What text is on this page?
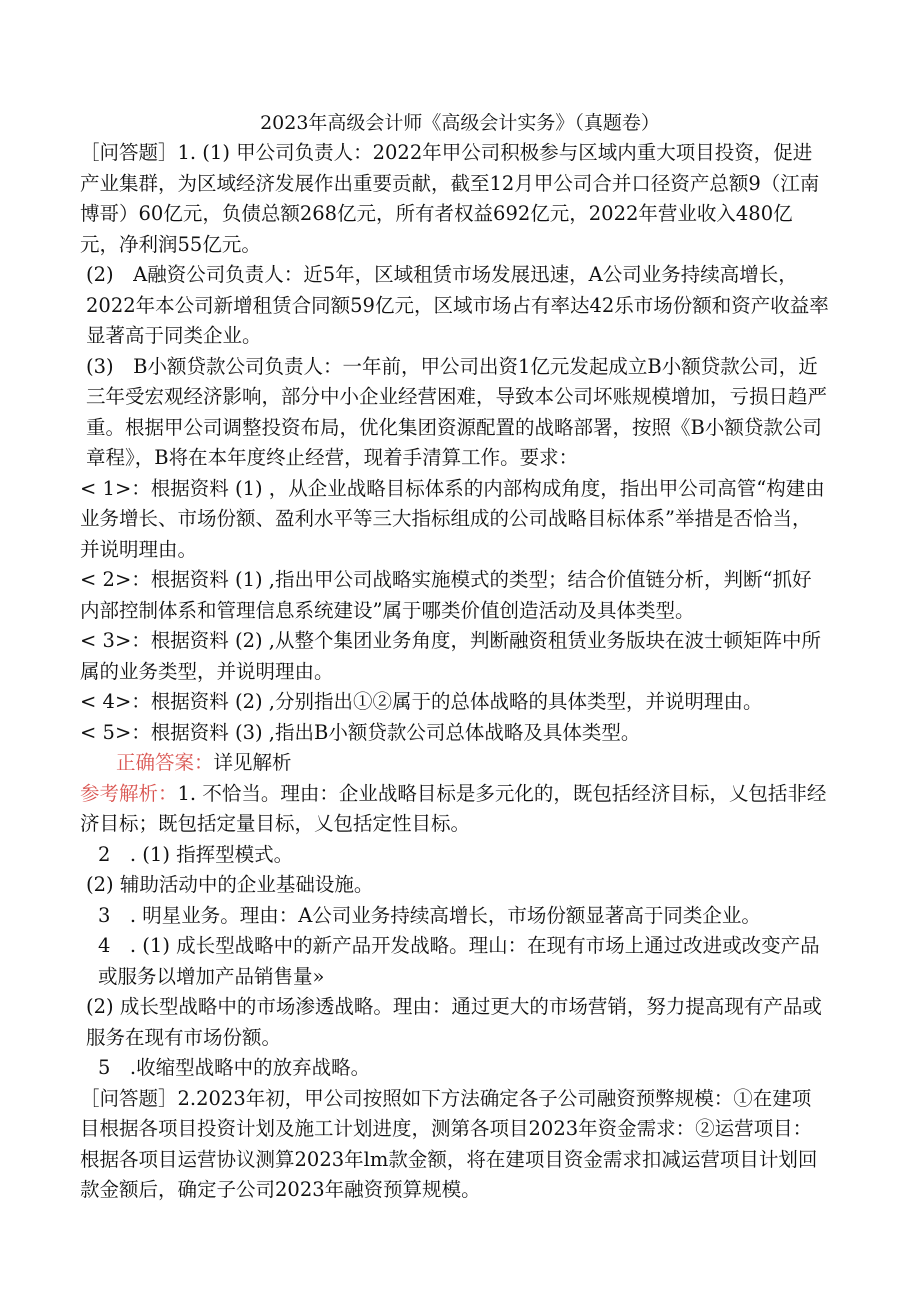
2023年高级会计师《高级会计实务》（真题卷）

［问答题］1. (1) 甲公司负责人：2022年甲公司积极参与区域内重大项目投资，促进产业集群，为区域经济发展作出重要贡献，截至12月甲公司合并口径资产总额9（江南博哥）60亿元，负债总额268亿元，所有者权益692亿元，2022年营业收入480亿元，净利润55亿元。

(2)　A融资公司负责人：近5年，区域租赁市场发展迅速，A公司业务持续高增长，2022年本公司新增租赁合同额59亿元，区域市场占有率达42乐市场份额和资产收益率显著高于同类企业。

(3)　B小额贷款公司负责人：一年前，甲公司出资1亿元发起成立B小额贷款公司，近三年受宏观经济影响，部分中小企业经营困难，导致本公司坏账规模增加，亏损日趋严重。根据甲公司调整投资布局，优化集团资源配置的战略部署，按照《B小额贷款公司章程》，B将在本年度终止经营，现着手清算工作。要求：

< 1>：根据资料 (1) ，从企业战略目标体系的内部构成角度，指出甲公司高管“构建由业务增长、市场份额、盈利水平等三大指标组成的公司战略目标体系”举措是否恰当，并说明理由。

< 2>：根据资料 (1) ,指出甲公司战略实施模式的类型；结合价值链分析，判断“抓好内部控制体系和管理信息系统建设”属于哪类价值创造活动及具体类型。

< 3>：根据资料 (2) ,从整个集团业务角度，判断融资租赁业务版块在波士顿矩阵中所属的业务类型，并说明理由。

< 4>：根据资料 (2) ,分别指出①②属于的总体战略的具体类型，并说明理由。

< 5>：根据资料 (3) ,指出B小额贷款公司总体战略及具体类型。

正确答案：详见解析

参考解析：1. 不恰当。理由：企业战略目标是多元化的，既包括经济目标，乂包括非经济目标；既包括定量目标，乂包括定性目标。

2　. (1) 指挥型模式。

(2) 辅助活动中的企业基础设施。

3　. 明星业务。理由：A公司业务持续高增长，市场份额显著高于同类企业。

4　. (1) 成长型战略中的新产品开发战略。理山：在现有市场上通过改进或改变产品或服务以增加产品销售量»

(2) 成长型战略中的市场渗透战略。理由：通过更大的市场营销，努力提高现有产品或服务在现有市场份额。

5　.收缩型战略中的放弃战略。

［问答题］2.2023年初，甲公司按照如下方法确定各子公司融资预弊规模：①在建项目根据各项目投资计划及施工计划进度，测第各项目2023年资金需求：②运营项目：根据各项目运营协议测算2023年lm款金额，将在建项目资金需求扣减运营项目计划回款金额后，确定子公司2023年融资预算规模。
